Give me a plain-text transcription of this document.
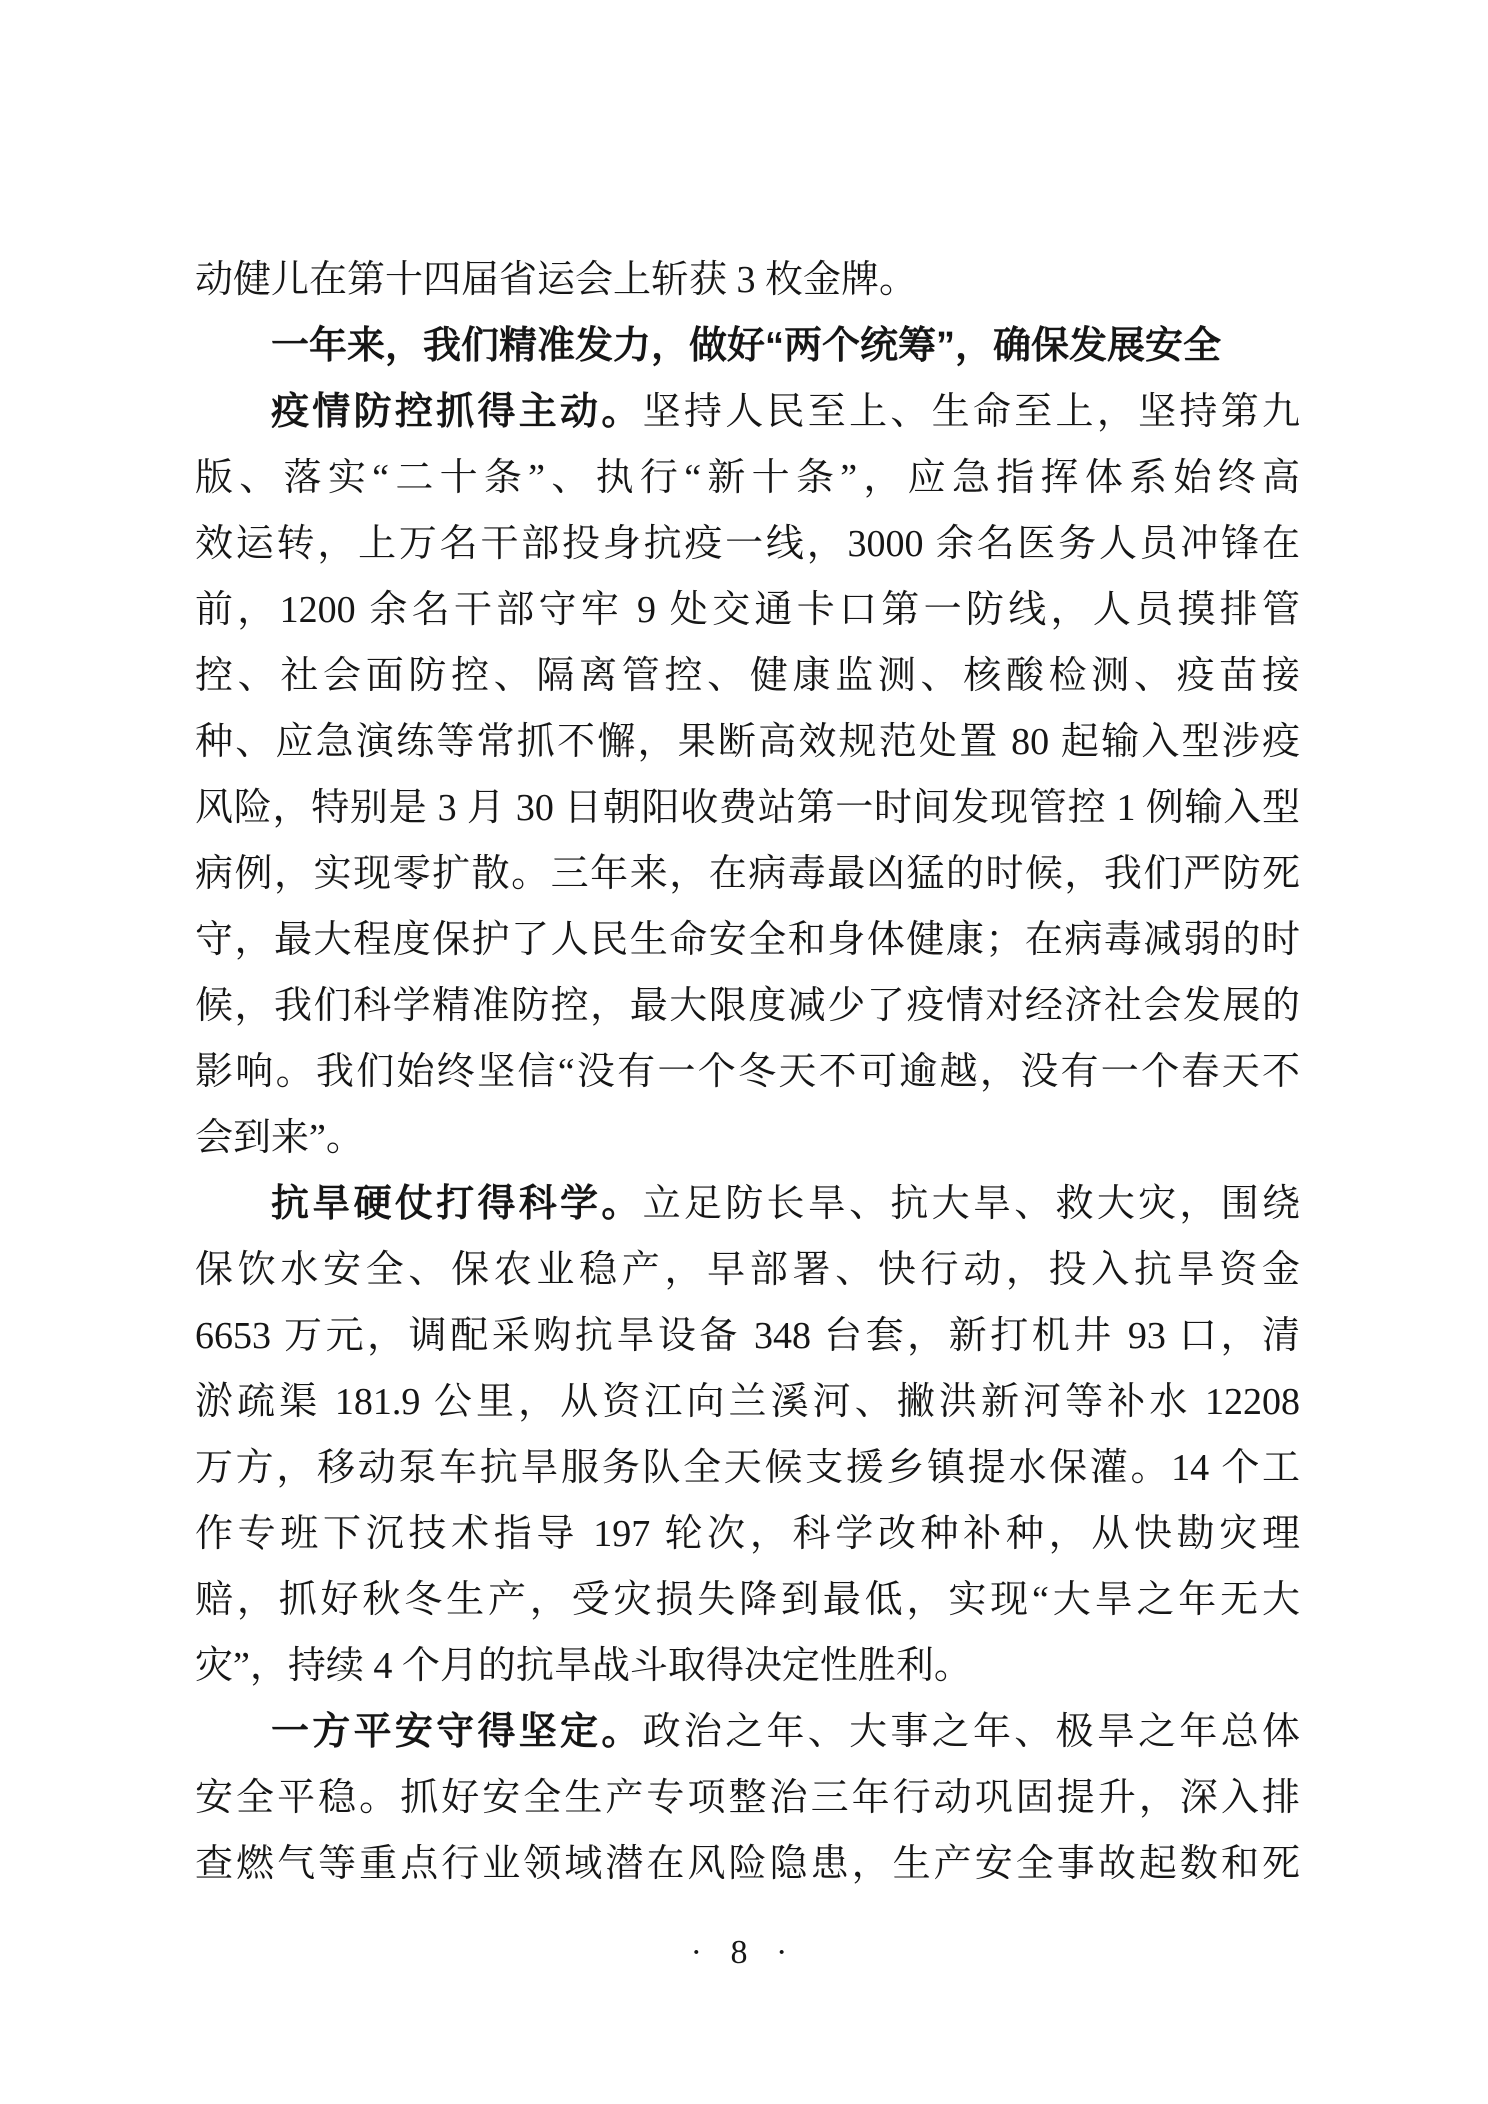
动健儿在第十四届省运会上斩获 3 枚金牌。
一年来，我们精准发力，做好“两个统筹”，确保发展安全
疫情防控抓得主动。坚持人民至上、生命至上，坚持第九
版、落实“二十条”、执行“新十条”，应急指挥体系始终高
效运转，上万名干部投身抗疫一线，3000 余名医务人员冲锋在
前，1200 余名干部守牢 9 处交通卡口第一防线，人员摸排管
控、社会面防控、隔离管控、健康监测、核酸检测、疫苗接
种、应急演练等常抓不懈，果断高效规范处置 80 起输入型涉疫
风险，特别是 3 月 30 日朝阳收费站第一时间发现管控 1 例输入型
病例，实现零扩散。三年来，在病毒最凶猛的时候，我们严防死
守，最大程度保护了人民生命安全和身体健康；在病毒减弱的时
候，我们科学精准防控，最大限度减少了疫情对经济社会发展的
影响。我们始终坚信“没有一个冬天不可逾越，没有一个春天不
会到来”。
抗旱硬仗打得科学。立足防长旱、抗大旱、救大灾，围绕
保饮水安全、保农业稳产，早部署、快行动，投入抗旱资金
6653 万元，调配采购抗旱设备 348 台套，新打机井 93 口，清
淤疏渠 181.9 公里，从资江向兰溪河、撇洪新河等补水 12208
万方，移动泵车抗旱服务队全天候支援乡镇提水保灌。14 个工
作专班下沉技术指导 197 轮次，科学改种补种，从快勘灾理
赔，抓好秋冬生产，受灾损失降到最低，实现“大旱之年无大
灾”，持续 4 个月的抗旱战斗取得决定性胜利。
一方平安守得坚定。政治之年、大事之年、极旱之年总体
安全平稳。抓好安全生产专项整治三年行动巩固提升，深入排
查燃气等重点行业领域潜在风险隐患，生产安全事故起数和死
· 8 ·
